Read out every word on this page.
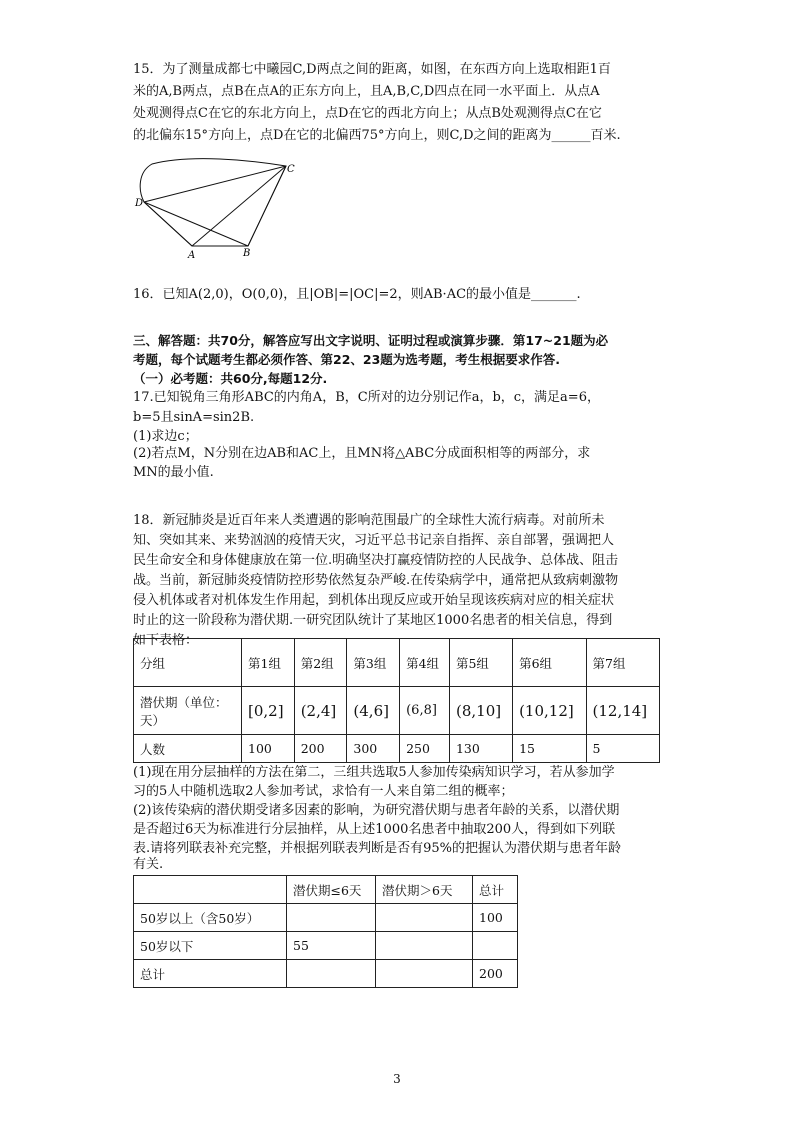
15．为了测量成都七中曦园C,D两点之间的距离，如图，在东西方向上选取相距1百
米的A,B两点，点B在点A的正东方向上，且A,B,C,D四点在同一水平面上．从点A
处观测得点C在它的东北方向上，点D在它的西北方向上；从点B处观测得点C在它
的北偏东15°方向上，点D在它的北偏西75°方向上，则C,D之间的距离为______百米.
C
D
A	B
16．已知A(2,0)，O(0,0)，且|OB|=|OC|=2，则AB·AC的最小值是_______.
三、解答题：共70分，解答应写出文字说明、证明过程或演算步骤．第17~21题为必
考题，每个试题考生都必须作答、第22、23题为选考题，考生根据要求作答.
（一）必考题：共60分,每题12分.
17.已知锐角三角形ABC的内角A，B，C所对的边分别记作a，b，c，满足a=6，
b=5且sinA=sin2B.
(1)求边c；
(2)若点M，N分别在边AB和AC上，且MN将△ABC分成面积相等的两部分，求
MN的最小值.
18．新冠肺炎是近百年来人类遭遇的影响范围最广的全球性大流行病毒。对前所未
知、突如其来、来势汹汹的疫情天灾，习近平总书记亲自指挥、亲自部署，强调把人
民生命安全和身体健康放在第一位.明确坚决打赢疫情防控的人民战争、总体战、阻击
战。当前，新冠肺炎疫情防控形势依然复杂严峻.在传染病学中，通常把从致病刺激物
侵入机体或者对机体发生作用起，到机体出现反应或开始呈现该疾病对应的相关症状
时止的这一阶段称为潜伏期.一研究团队统计了某地区1000名患者的相关信息，得到
如下表格：
分组	第1组	第2组	第3组	第4组	第5组	第6组	第7组
潜伏期（单位：天）	[0,2]	(2,4]	(4,6]	(6,8]	(8,10]	(10,12]	(12,14]
人数	100	200	300	250	130	15	5
(1)现在用分层抽样的方法在第二，三组共选取5人参加传染病知识学习，若从参加学
习的5人中随机选取2人参加考试，求恰有一人来自第二组的概率；
(2)该传染病的潜伏期受诸多因素的影响，为研究潜伏期与患者年龄的关系，以潜伏期
是否超过6天为标准进行分层抽样，从上述1000名患者中抽取200人，得到如下列联
表.请将列联表补充完整，并根据列联表判断是否有95%的把握认为潜伏期与患者年龄
有关.
	潜伏期≤6天	潜伏期＞6天	总计
50岁以上（含50岁）			100
50岁以下	55		
总计			200
3
